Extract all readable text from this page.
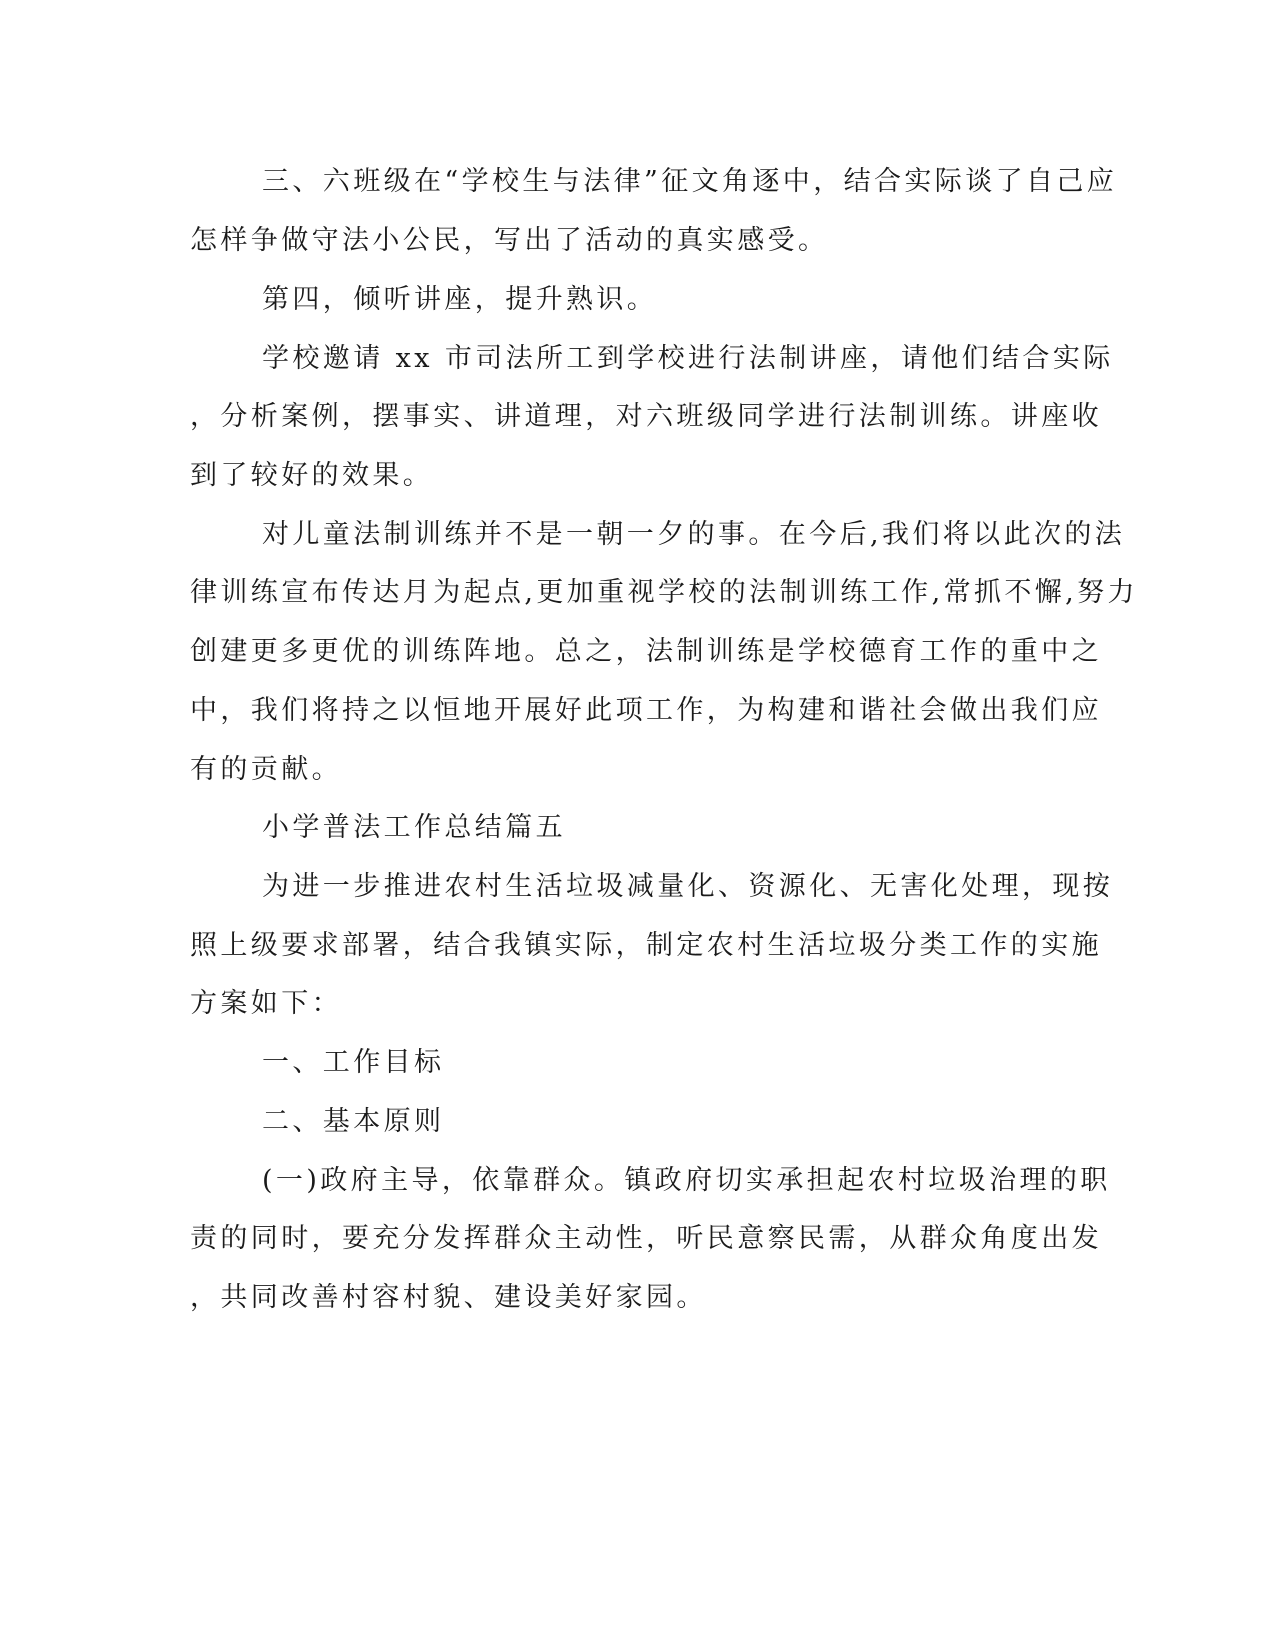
三、六班级在“学校生与法律”征文角逐中，结合实际谈了自己应
怎样争做守法小公民，写出了活动的真实感受。
第四，倾听讲座，提升熟识。
学校邀请 xx 市司法所工到学校进行法制讲座，请他们结合实际
，分析案例，摆事实、讲道理，对六班级同学进行法制训练。讲座收
到了较好的效果。
对儿童法制训练并不是一朝一夕的事。在今后,我们将以此次的法
律训练宣布传达月为起点,更加重视学校的法制训练工作,常抓不懈,努力
创建更多更优的训练阵地。总之，法制训练是学校德育工作的重中之
中，我们将持之以恒地开展好此项工作，为构建和谐社会做出我们应
有的贡献。
小学普法工作总结篇五
为进一步推进农村生活垃圾减量化、资源化、无害化处理，现按
照上级要求部署，结合我镇实际，制定农村生活垃圾分类工作的实施
方案如下：
一、工作目标
二、基本原则
(一)政府主导，依靠群众。镇政府切实承担起农村垃圾治理的职
责的同时，要充分发挥群众主动性，听民意察民需，从群众角度出发
，共同改善村容村貌、建设美好家园。
